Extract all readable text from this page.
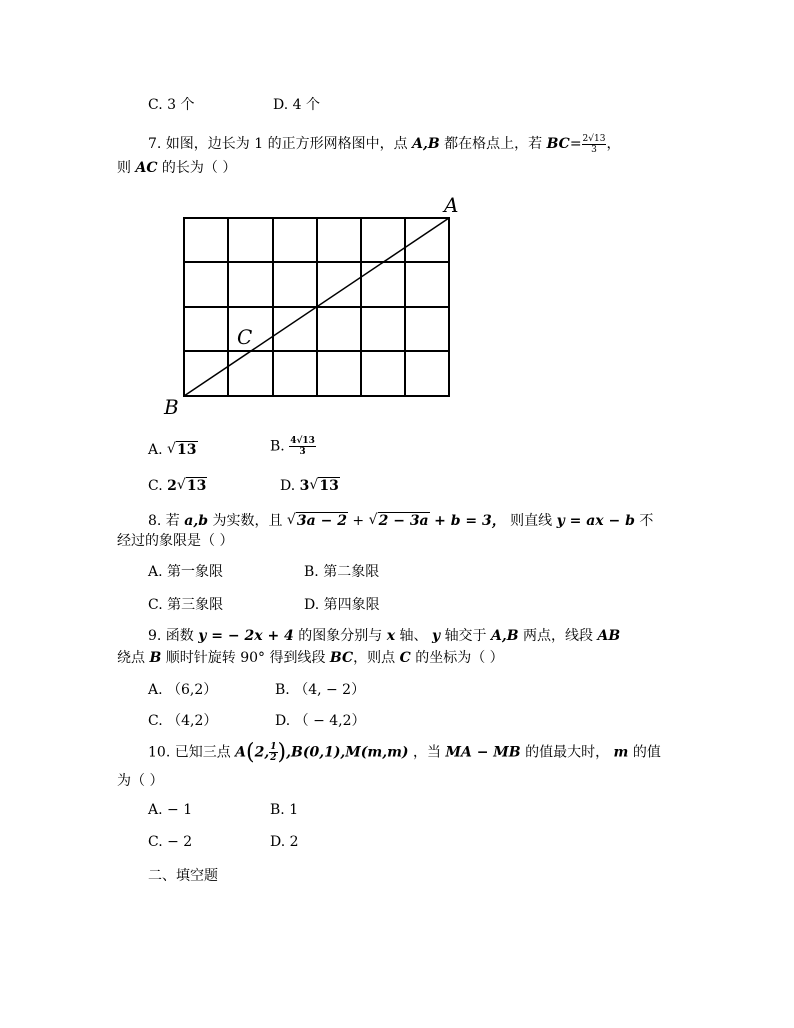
C. 3 个	D. 4 个
7. 如图，边长为 1 的正方形网格图中，点 A,B 都在格点上，若 $BC= \frac{2√13}{3}$ ，
则 AC 的长为（ ）
A
B
C
A. √ 13	B. $\frac{4√13}{3}$
C. 2 √ 13	D. 3 √ 13
8. 若 a,b 为实数，且 √ 3a − 2 + √ 2 − 3a + b = 3， 则直线 y = ax − b 不
经过的象限是（ ）
A. 第一象限	B. 第二象限
C. 第三象限	D. 第四象限
9. 函数 y = − 2x + 4 的图象分别与 x 轴、 y 轴交于 A,B 两点，线段 AB
绕点 B 顺时针旋转 90° 得到线段 BC，则点 C 的坐标为（ ）
A. （6,2）	B. （4, − 2）
C. （4,2）	D. （ − 4,2）
10. 已知三点 A(2, $\frac{1}{2} ),B(0,1),M(m,m)$ ，当 MA − MB 的值最大时， m 的值
为（ ）
A. − 1	B. 1
C. − 2	D. 2
二、填空题
